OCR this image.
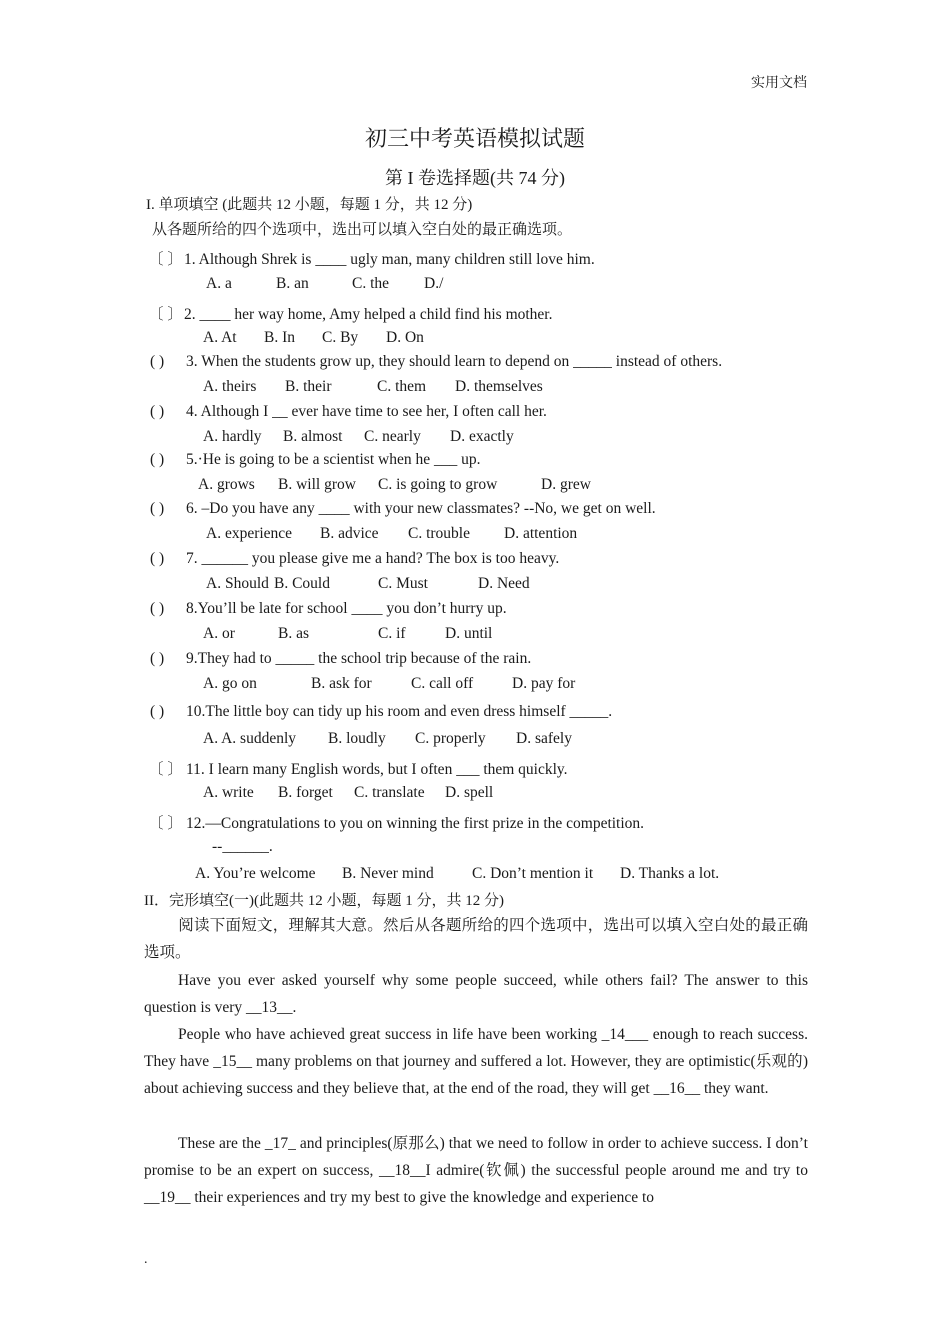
实用文档
初三中考英语模拟试题
第 I 卷选择题(共 74 分)
I. 单项填空 (此题共 12 小题，每题 1 分，共 12 分)
从各题所给的四个选项中，选出可以填入空白处的最正确选项。
〔 〕1. Although Shrek is ____ ugly man, many children still love him.
A. a	B. an	C. the D./
〔 〕2. ____ her way home, Amy helped a child find his mother.
A. At B. In C. By D. On
( ) 3. When the students grow up, they should learn to depend on _____ instead of others.
A. theirs B. their	C. them D. themselves
( ) 4. Although I __ ever have time to see her, I often call her.
A. hardly B. almost C. nearly D. exactly
( ) 5.·He is going to be a scientist when he ___ up.
A. grows B. will grow C. is going to grow	D. grew
( ) 6. –Do you have any ____ with your new classmates? --No, we get on well.
A. experience B. advice C. trouble D. attention
( ) 7. ______ you please give me a hand? The box is too heavy.
A. Should B. Could	C. Must	D. Need
( ) 8.You’ll be late for school ____ you don’t hurry up.
A. or	B. as	C. if	D. until
( ) 9.They had to _____ the school trip because of the rain.
A. go on	B. ask for	C. call off	D. pay for
( ) 10.The little boy can tidy up his room and even dress himself _____.
A. A. suddenly B. loudly C. properly D. safely
〔 〕 11. I learn many English words, but I often ___ them quickly.
A. write B. forget C. translate D. spell
〔 〕 12.—Congratulations to you on winning the first prize in the competition.
--______.
A. You’re welcome B. Never mind C. Don’t mention it D. Thanks a lot.
II．完形填空(一)(此题共 12 小题，每题 1 分，共 12 分)
阅读下面短文，理解其大意。然后从各题所给的四个选项中，选出可以填入空白处的最正确选项。
Have you ever asked yourself why some people succeed, while others fail? The answer to this question is very __13__.
People who have achieved great success in life have been working _14___ enough to reach success. They have _15__ many problems on that journey and suffered a lot. However, they are optimistic(乐观的) about achieving success and they believe that, at the end of the road, they will get __16__ they want.
These are the _17_ and principles(原那么) that we need to follow in order to achieve success. I don’t promise to be an expert on success, __18__I admire(钦佩) the successful people around me and try to __19__ their experiences and try my best to give the knowledge and experience to
.
